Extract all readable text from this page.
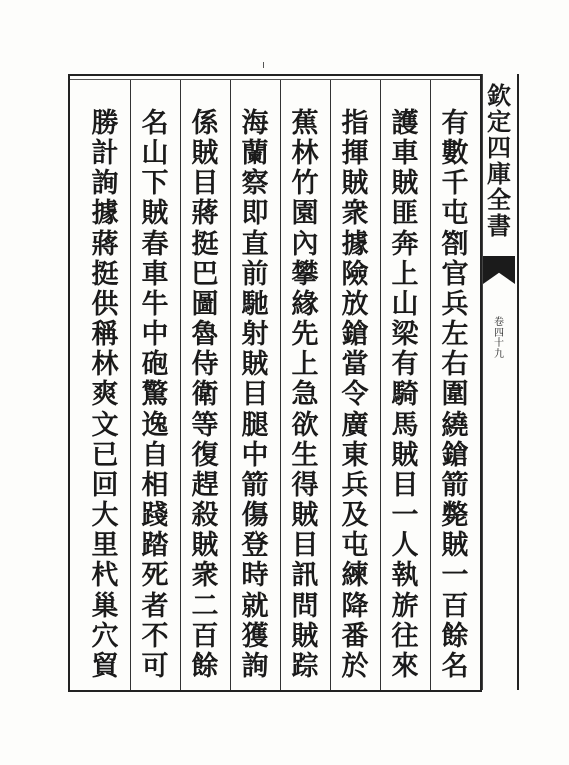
欽
定
四
庫
全
書
卷
四
十
九
有
數
千
屯
劄
官
兵
左
右
圍
繞
鎗
箭
斃
賊
一
百
餘
名
護
車
賊
匪
奔
上
山
梁
有
騎
馬
賊
目
一
人
執
旂
往
來
指
揮
賊
衆
據
險
放
鎗
當
令
廣
東
兵
及
屯
練
降
番
於
蕉
林
竹
園
內
攀
緣
先
上
急
欲
生
得
賊
目
訊
問
賊
踪
海
蘭
察
即
直
前
馳
射
賊
目
腿
中
箭
傷
登
時
就
獲
詢
係
賊
目
蔣
挺
巴
圖
魯
侍
衛
等
復
趕
殺
賊
衆
二
百
餘
名
山
下
賊
春
車
牛
中
砲
驚
逸
自
相
踐
踏
死
者
不
可
勝
計
詢
據
蔣
挺
供
稱
林
爽
文
已
回
大
里
杙
巢
穴
貿
